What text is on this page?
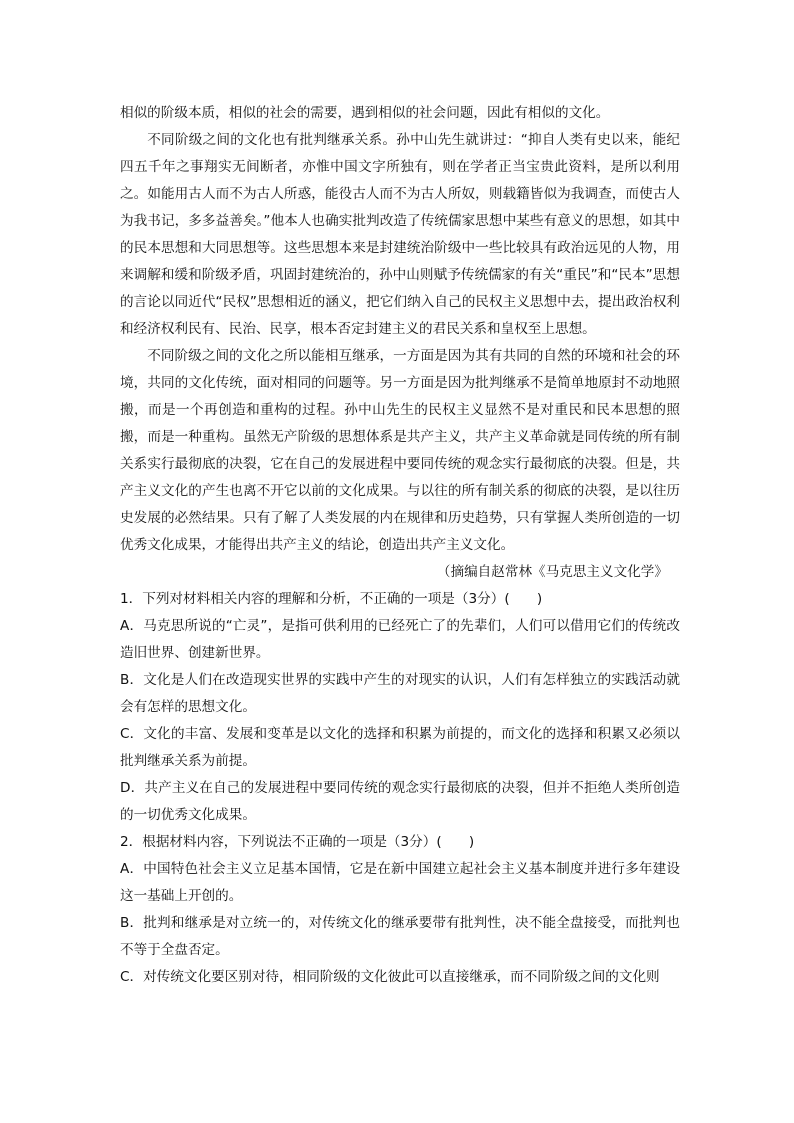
相似的阶级本质，相似的社会的需要，遇到相似的社会问题，因此有相似的文化。

不同阶级之间的文化也有批判继承关系。孙中山先生就讲过：“抑自人类有史以来，能纪四五千年之事翔实无间断者，亦惟中国文字所独有，则在学者正当宝贵此资料，是所以利用之。如能用古人而不为古人所惑，能役古人而不为古人所奴，则载籍皆似为我调查，而使古人为我书记，多多益善矣。”他本人也确实批判改造了传统儒家思想中某些有意义的思想，如其中的民本思想和大同思想等。这些思想本来是封建统治阶级中一些比较具有政治远见的人物，用来调解和缓和阶级矛盾，巩固封建统治的，孙中山则赋予传统儒家的有关“重民”和“民本”思想的言论以同近代“民权”思想相近的涵义，把它们纳入自己的民权主义思想中去，提出政治权利和经济权利民有、民治、民享，根本否定封建主义的君民关系和皇权至上思想。

不同阶级之间的文化之所以能相互继承，一方面是因为其有共同的自然的环境和社会的环境，共同的文化传统，面对相同的问题等。另一方面是因为批判继承不是简单地原封不动地照搬，而是一个再创造和重构的过程。孙中山先生的民权主义显然不是对重民和民本思想的照搬，而是一种重构。虽然无产阶级的思想体系是共产主义，共产主义革命就是同传统的所有制关系实行最彻底的决裂，它在自己的发展进程中要同传统的观念实行最彻底的决裂。但是，共产主义文化的产生也离不开它以前的文化成果。与以往的所有制关系的彻底的决裂，是以往历史发展的必然结果。只有了解了人类发展的内在规律和历史趋势，只有掌握人类所创造的一切优秀文化成果，才能得出共产主义的结论，创造出共产主义文化。

（摘编自赵常林《马克思主义文化学》

1．下列对材料相关内容的理解和分析，不正确的一项是（3分）(　　)

A．马克思所说的“亡灵”，是指可供利用的已经死亡了的先辈们，人们可以借用它们的传统改造旧世界、创建新世界。

B．文化是人们在改造现实世界的实践中产生的对现实的认识，人们有怎样独立的实践活动就会有怎样的思想文化。

C．文化的丰富、发展和变革是以文化的选择和积累为前提的，而文化的选择和积累又必须以批判继承关系为前提。

D．共产主义在自己的发展进程中要同传统的观念实行最彻底的决裂，但并不拒绝人类所创造的一切优秀文化成果。

2．根据材料内容，下列说法不正确的一项是（3分）(　　)

A．中国特色社会主义立足基本国情，它是在新中国建立起社会主义基本制度并进行多年建设这一基础上开创的。

B．批判和继承是对立统一的，对传统文化的继承要带有批判性，决不能全盘接受，而批判也不等于全盘否定。

C．对传统文化要区别对待，相同阶级的文化彼此可以直接继承，而不同阶级之间的文化则
